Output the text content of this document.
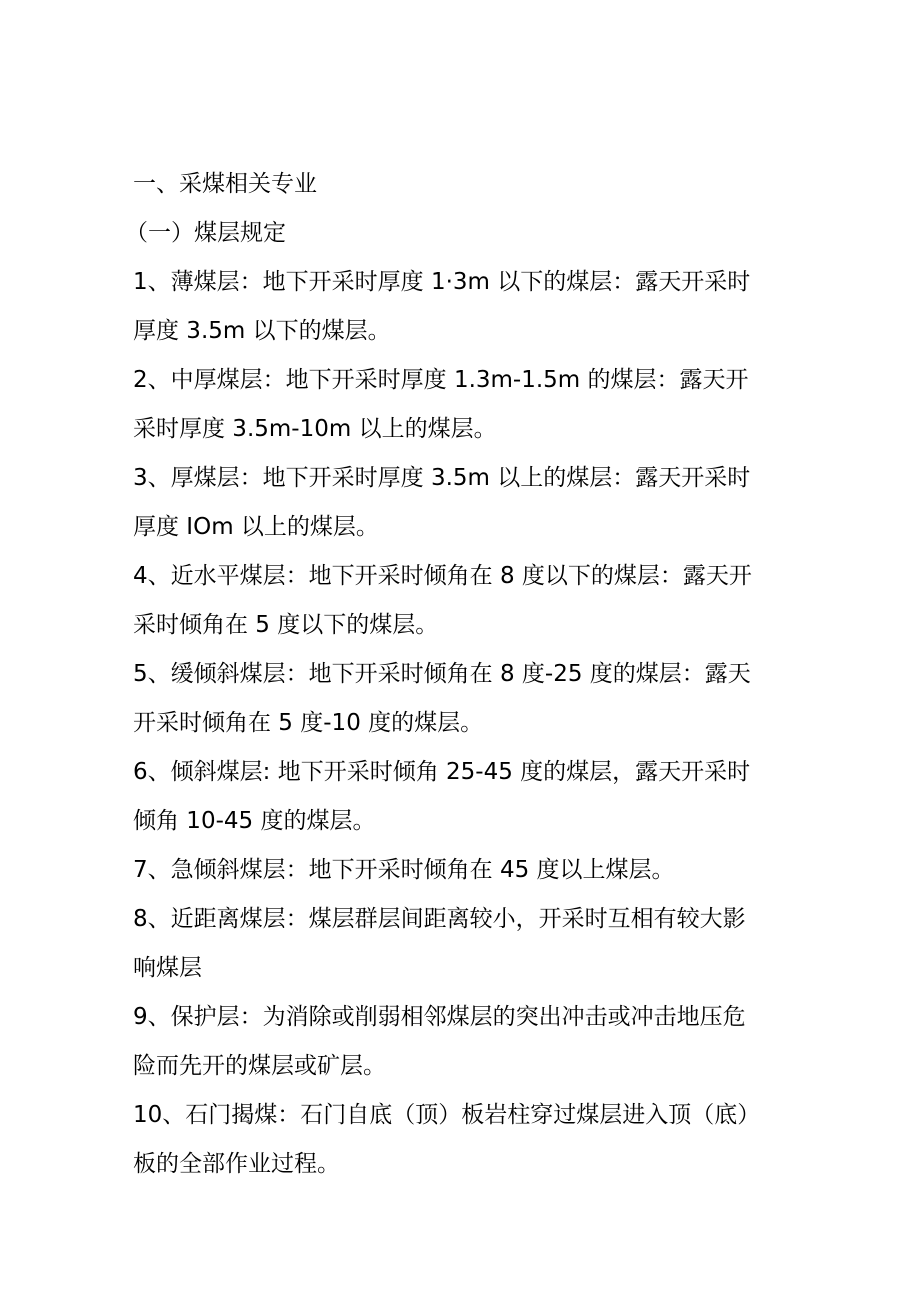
一、采煤相关专业
（一）煤层规定
1、薄煤层：地下开采时厚度 1·3m 以下的煤层：露天开采时
厚度 3.5m 以下的煤层。
2、中厚煤层：地下开采时厚度 1.3m-1.5m 的煤层：露天开
采时厚度 3.5m-10m 以上的煤层。
3、厚煤层：地下开采时厚度 3.5m 以上的煤层：露天开采时
厚度 IOm 以上的煤层。
4、近水平煤层：地下开采时倾角在 8 度以下的煤层：露天开
采时倾角在 5 度以下的煤层。
5、缓倾斜煤层：地下开采时倾角在 8 度-25 度的煤层：露天
开采时倾角在 5 度-10 度的煤层。
6、倾斜煤层: 地下开采时倾角 25-45 度的煤层，露天开采时
倾角 10-45 度的煤层。
7、急倾斜煤层：地下开采时倾角在 45 度以上煤层。
8、近距离煤层：煤层群层间距离较小，开采时互相有较大影
响煤层
9、保护层：为消除或削弱相邻煤层的突出冲击或冲击地压危
险而先开的煤层或矿层。
10、石门揭煤：石门自底（顶）板岩柱穿过煤层进入顶（底）
板的全部作业过程。
